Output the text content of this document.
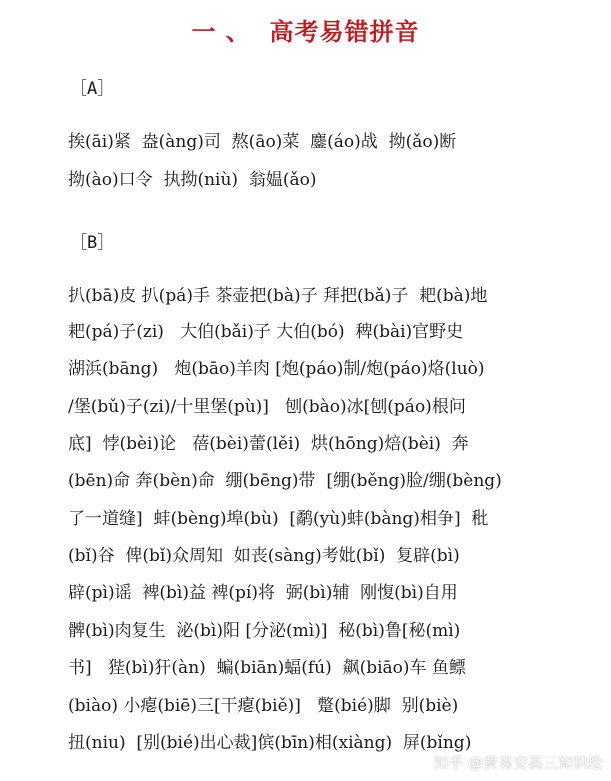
一 、  高考易错拼音
［A］
挨(āi)紧  盎(àng)司  熬(āo)菜  鏖(áo)战  拗(ǎo)断
拗(ào)口令  执拗(niù)  翁媪(ǎo)
［B］
扒(bā)皮 扒(pá)手 茶壶把(bà)子 拜把(bǎ)子  耙(bà)地
耙(pá)子(zi)   大伯(bǎi)子 大伯(bó)  稗(bài)官野史
湖浜(bāng)   炮(bāo)羊肉 [炮(páo)制/炮(páo)烙(luò)
/堡(bǔ)子(zi)/十里堡(pù)]   刨(bào)冰[刨(páo)根问
底]  悖(bèi)论   蓓(bèi)蕾(lěi)  烘(hōng)焙(bèi)  奔
(bēn)命 奔(bèn)命  绷(bēng)带  [绷(běng)脸/绷(bèng)
了一道缝]  蚌(bèng)埠(bù)  [鹬(yù)蚌(bàng)相争]  秕
(bǐ)谷  俾(bǐ)众周知  如丧(sàng)考妣(bǐ)  复辟(bì)
辟(pì)谣  裨(bì)益 裨(pí)将  弼(bì)辅  刚愎(bì)自用
髀(bì)肉复生  泌(bì)阳 [分泌(mì)]  秘(bì)鲁[秘(mì)
书]   狴(bì)犴(àn)  蝙(biān)蝠(fú)  飙(biāo)车 鱼鳔
(biào) 小瘪(biē)三[干瘪(biě)]   蹩(bié)脚  别(biè)
扭(niu)  [别(bié)出心裁]傧(bīn)相(xiàng)  屏(bǐng)
知乎 @黄易安高三知识绘
